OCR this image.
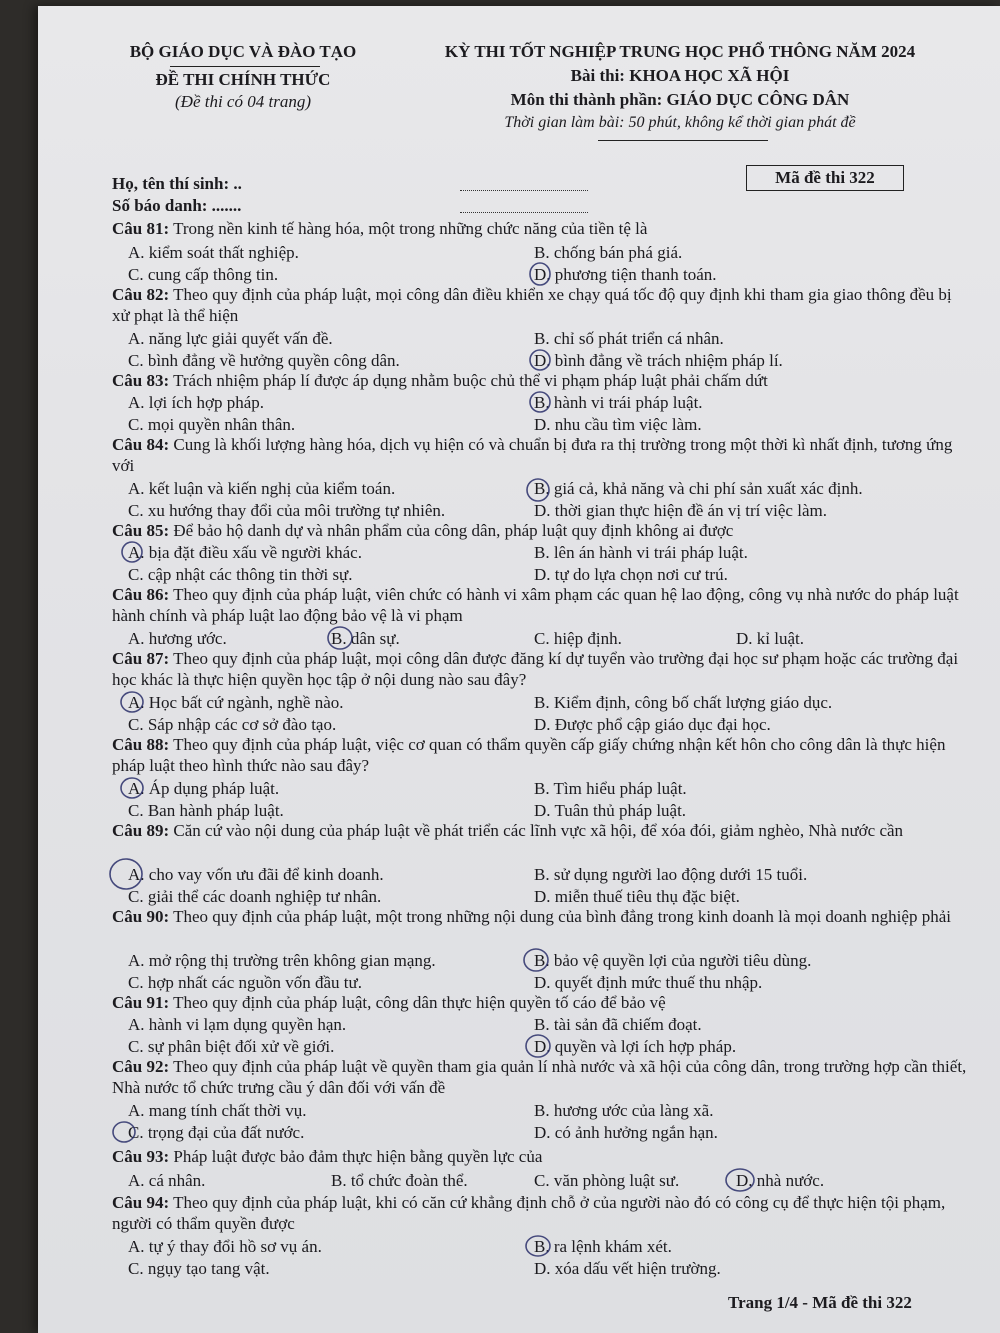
BỘ GIÁO DỤC VÀ ĐÀO TẠO
ĐỀ THI CHÍNH THỨC
(Đề thi có 04 trang)
KỲ THI TỐT NGHIỆP TRUNG HỌC PHỔ THÔNG NĂM 2024
Bài thi: KHOA HỌC XÃ HỘI
Môn thi thành phần: GIÁO DỤC CÔNG DÂN
Thời gian làm bài: 50 phút, không kể thời gian phát đề
Họ, tên thí sinh: ..
Số báo danh: .......
Mã đề thi 322
Câu 81: Trong nền kinh tế hàng hóa, một trong những chức năng của tiền tệ là
A. kiểm soát thất nghiệp.	B. chống bán phá giá.
C. cung cấp thông tin.	D. phương tiện thanh toán.
Câu 82: Theo quy định của pháp luật, mọi công dân điều khiển xe chạy quá tốc độ quy định khi tham gia giao thông đều bị xử phạt là thể hiện
A. năng lực giải quyết vấn đề.	B. chỉ số phát triển cá nhân.
C. bình đẳng về hưởng quyền công dân.	D. bình đẳng về trách nhiệm pháp lí.
Câu 83: Trách nhiệm pháp lí được áp dụng nhằm buộc chủ thể vi phạm pháp luật phải chấm dứt
A. lợi ích hợp pháp.	B. hành vi trái pháp luật.
C. mọi quyền nhân thân.	D. nhu cầu tìm việc làm.
Câu 84: Cung là khối lượng hàng hóa, dịch vụ hiện có và chuẩn bị đưa ra thị trường trong một thời kì nhất định, tương ứng với
A. kết luận và kiến nghị của kiểm toán.	B. giá cả, khả năng và chi phí sản xuất xác định.
C. xu hướng thay đổi của môi trường tự nhiên.	D. thời gian thực hiện đề án vị trí việc làm.
Câu 85: Để bảo hộ danh dự và nhân phẩm của công dân, pháp luật quy định không ai được
A. bịa đặt điều xấu về người khác.	B. lên án hành vi trái pháp luật.
C. cập nhật các thông tin thời sự.	D. tự do lựa chọn nơi cư trú.
Câu 86: Theo quy định của pháp luật, viên chức có hành vi xâm phạm các quan hệ lao động, công vụ nhà nước do pháp luật hành chính và pháp luật lao động bảo vệ là vi phạm
A. hương ước.	B. dân sự.	C. hiệp định.	D. kỉ luật.
Câu 87: Theo quy định của pháp luật, mọi công dân được đăng kí dự tuyển vào trường đại học sư phạm hoặc các trường đại học khác là thực hiện quyền học tập ở nội dung nào sau đây?
A. Học bất cứ ngành, nghề nào.	B. Kiểm định, công bố chất lượng giáo dục.
C. Sáp nhập các cơ sở đào tạo.	D. Được phổ cập giáo dục đại học.
Câu 88: Theo quy định của pháp luật, việc cơ quan có thẩm quyền cấp giấy chứng nhận kết hôn cho công dân là thực hiện pháp luật theo hình thức nào sau đây?
A. Áp dụng pháp luật.	B. Tìm hiểu pháp luật.
C. Ban hành pháp luật.	D. Tuân thủ pháp luật.
Câu 89: Căn cứ vào nội dung của pháp luật về phát triển các lĩnh vực xã hội, để xóa đói, giảm nghèo, Nhà nước cần
A. cho vay vốn ưu đãi để kinh doanh.	B. sử dụng người lao động dưới 15 tuổi.
C. giải thể các doanh nghiệp tư nhân.	D. miễn thuế tiêu thụ đặc biệt.
Câu 90: Theo quy định của pháp luật, một trong những nội dung của bình đẳng trong kinh doanh là mọi doanh nghiệp phải
A. mở rộng thị trường trên không gian mạng.	B. bảo vệ quyền lợi của người tiêu dùng.
C. hợp nhất các nguồn vốn đầu tư.	D. quyết định mức thuế thu nhập.
Câu 91: Theo quy định của pháp luật, công dân thực hiện quyền tố cáo để bảo vệ
A. hành vi lạm dụng quyền hạn.	B. tài sản đã chiếm đoạt.
C. sự phân biệt đối xử về giới.	D. quyền và lợi ích hợp pháp.
Câu 92: Theo quy định của pháp luật về quyền tham gia quản lí nhà nước và xã hội của công dân, trong trường hợp cần thiết, Nhà nước tổ chức trưng cầu ý dân đối với vấn đề
A. mang tính chất thời vụ.	B. hương ước của làng xã.
C. trọng đại của đất nước.	D. có ảnh hưởng ngắn hạn.
Câu 93: Pháp luật được bảo đảm thực hiện bằng quyền lực của
A. cá nhân.	B. tổ chức đoàn thể.	C. văn phòng luật sư.	D. nhà nước.
Câu 94: Theo quy định của pháp luật, khi có căn cứ khẳng định chỗ ở của người nào đó có công cụ để thực hiện tội phạm, người có thẩm quyền được
A. tự ý thay đổi hồ sơ vụ án.	B. ra lệnh khám xét.
C. ngụy tạo tang vật.	D. xóa dấu vết hiện trường.
Trang 1/4 - Mã đề thi 322
